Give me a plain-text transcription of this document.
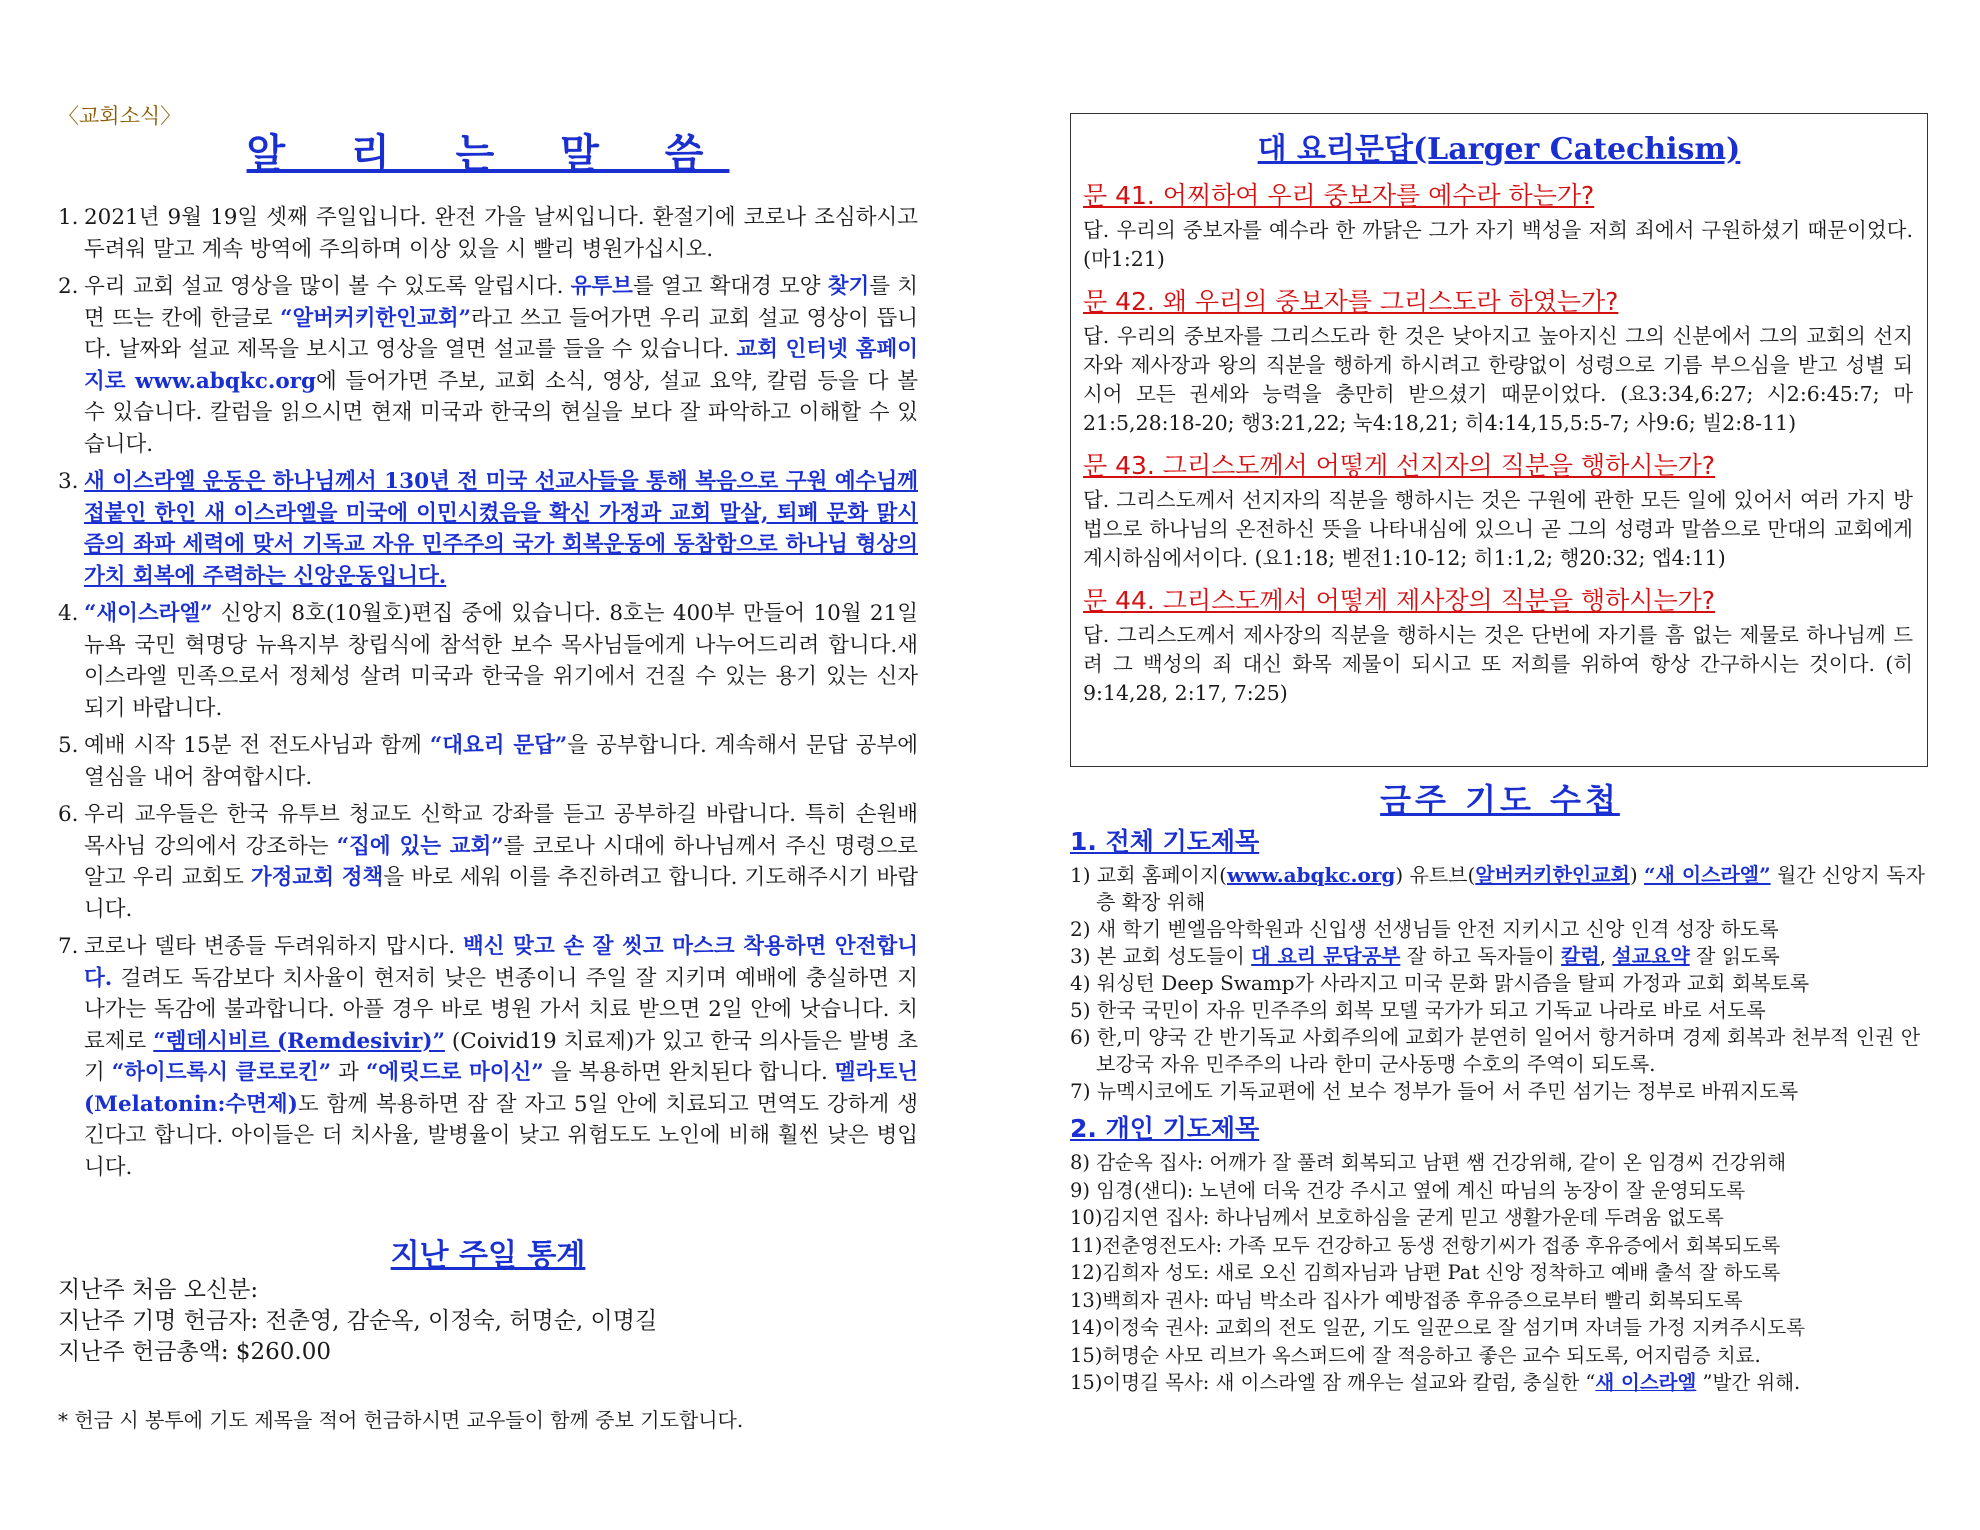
〈교회소식〉
알 리 는 말 씀
1. 2021년 9월 19일 셋째 주일입니다. 완전 가을 날씨입니다. 환절기에 코로나 조심하시고 두려워 말고 계속 방역에 주의하며 이상 있을 시 빨리 병원가십시오.
2. 우리 교회 설교 영상을 많이 볼 수 있도록 알립시다. 유투브를 열고 확대경 모양 찾기를 치면 뜨는 칸에 한글로 “알버커키한인교회”라고 쓰고 들어가면 우리 교회 설교 영상이 뜹니다. 날짜와 설교 제목을 보시고 영상을 열면 설교를 들을 수 있습니다. 교회 인터넷 홈페이지로 www.abqkc.org에 들어가면 주보, 교회 소식, 영상, 설교 요약, 칼럼 등을 다 볼 수 있습니다. 칼럼을 읽으시면 현재 미국과 한국의 현실을 보다 잘 파악하고 이해할 수 있습니다.
3. 새 이스라엘 운동은 하나님께서 130년 전 미국 선교사들을 통해 복음으로 구원 예수님께 접붙인 한인 새 이스라엘을 미국에 이민시켰음을 확신 가정과 교회 말살, 퇴폐 문화 맑시즘의 좌파 세력에 맞서 기독교 자유 민주주의 국가 회복운동에 동참함으로 하나님 형상의 가치 회복에 주력하는 신앙운동입니다.
4. “새이스라엘” 신앙지 8호(10월호)편집 중에 있습니다. 8호는 400부 만들어 10월 21일 뉴욕 국민 혁명당 뉴욕지부 창립식에 참석한 보수 목사님들에게 나누어드리려 합니다.새 이스라엘 민족으로서 정체성 살려 미국과 한국을 위기에서 건질 수 있는 용기 있는 신자 되기 바랍니다.
5. 예배 시작 15분 전 전도사님과 함께 “대요리 문답”을 공부합니다. 계속해서 문답 공부에 열심을 내어 참여합시다.
6. 우리 교우들은 한국 유투브 청교도 신학교 강좌를 듣고 공부하길 바랍니다. 특히 손원배 목사님 강의에서 강조하는 “집에 있는 교회”를 코로나 시대에 하나님께서 주신 명령으로 알고 우리 교회도 가정교회 정책을 바로 세워 이를 추진하려고 합니다. 기도해주시기 바랍니다.
7. 코로나 델타 변종들 두려워하지 맙시다. 백신 맞고 손 잘 씻고 마스크 착용하면 안전합니다. 걸려도 독감보다 치사율이 현저히 낮은 변종이니 주일 잘 지키며 예배에 충실하면 지나가는 독감에 불과합니다. 아플 경우 바로 병원 가서 치료 받으면 2일 안에 낫습니다. 치료제로 “렘데시비르 (Remdesivir)” (Coivid19 치료제)가 있고 한국 의사들은 발병 초기 “하이드록시 클로로킨” 과 “에릿드로 마이신” 을 복용하면 완치된다 합니다. 멜라토닌(Melatonin:수면제)도 함께 복용하면 잠 잘 자고 5일 안에 치료되고 면역도 강하게 생긴다고 합니다. 아이들은 더 치사율, 발병율이 낮고 위험도도 노인에 비해 훨씬 낮은 병입니다.
지난 주일 통계
지난주 처음 오신분:
지난주 기명 헌금자: 전춘영, 감순옥, 이정숙, 허명순, 이명길
지난주 헌금총액: $260.00
* 헌금 시 봉투에 기도 제목을 적어 헌금하시면 교우들이 함께 중보 기도합니다.
대 요리문답(Larger Catechism)
문 41. 어찌하여 우리 중보자를 예수라 하는가?
답. 우리의 중보자를 예수라 한 까닭은 그가 자기 백성을 저희 죄에서 구원하셨기 때문이었다. (마1:21)
문 42. 왜 우리의 중보자를 그리스도라 하였는가?
답. 우리의 중보자를 그리스도라 한 것은 낮아지고 높아지신 그의 신분에서 그의 교회의 선지자와 제사장과 왕의 직분을 행하게 하시려고 한량없이 성령으로 기름 부으심을 받고 성별 되시어 모든 권세와 능력을 충만히 받으셨기 때문이었다. (요3:34,6:27; 시2:6:45:7; 마21:5,28:18-20; 행3:21,22; 눅4:18,21; 히4:14,15,5:5-7; 사9:6; 빌2:8-11)
문 43. 그리스도께서 어떻게 선지자의 직분을 행하시는가?
답. 그리스도께서 선지자의 직분을 행하시는 것은 구원에 관한 모든 일에 있어서 여러 가지 방법으로 하나님의 온전하신 뜻을 나타내심에 있으니 곧 그의 성령과 말씀으로 만대의 교회에게 계시하심에서이다. (요1:18; 벧전1:10-12; 히1:1,2; 행20:32; 엡4:11)
문 44. 그리스도께서 어떻게 제사장의 직분을 행하시는가?
답. 그리스도께서 제사장의 직분을 행하시는 것은 단번에 자기를 흠 없는 제물로 하나님께 드려 그 백성의 죄 대신 화목 제물이 되시고 또 저희를 위하여 항상 간구하시는 것이다. (히9:14,28, 2:17, 7:25)
금주 기도 수첩
1. 전체 기도제목
1) 교회 홈페이지(www.abqkc.org) 유트브(알버커키한인교회) “새 이스라엘” 월간 신앙지 독자층 확장 위해
2) 새 학기 벧엘음악학원과 신입생 선생님들 안전 지키시고 신앙 인격 성장 하도록
3) 본 교회 성도들이 대 요리 문답공부 잘 하고 독자들이 칼럼, 설교요약 잘 읽도록
4) 워싱턴 Deep Swamp가 사라지고 미국 문화 맑시즘을 탈피 가정과 교회 회복토록
5) 한국 국민이 자유 민주주의 회복 모델 국가가 되고 기독교 나라로 바로 서도록
6) 한,미 양국 간 반기독교 사회주의에 교회가 분연히 일어서 항거하며 경제 회복과 천부적 인권 안보강국 자유 민주주의 나라 한미 군사동맹 수호의 주역이 되도록.
7) 뉴멕시코에도 기독교편에 선 보수 정부가 들어 서 주민 섬기는 정부로 바꿔지도록
2. 개인 기도제목
8) 감순옥 집사: 어깨가 잘 풀려 회복되고 남편 쌤 건강위해, 같이 온 임경씨 건강위해
9) 임경(샌디): 노년에 더욱 건강 주시고 옆에 계신 따님의 농장이 잘 운영되도록
10)김지연 집사: 하나님께서 보호하심을 굳게 믿고 생활가운데 두려움 없도록
11)전춘영전도사: 가족 모두 건강하고 동생 전항기씨가 접종 후유증에서 회복되도록
12)김희자 성도: 새로 오신 김희자님과 남편 Pat 신앙 정착하고 예배 출석 잘 하도록
13)백희자 권사: 따님 박소라 집사가 예방접종 후유증으로부터 빨리 회복되도록
14)이정숙 권사: 교회의 전도 일꾼, 기도 일꾼으로 잘 섬기며 자녀들 가정 지켜주시도록
15)허명순 사모 리브가 옥스퍼드에 잘 적응하고 좋은 교수 되도록, 어지럼증 치료.
15)이명길 목사: 새 이스라엘 잠 깨우는 설교와 칼럼, 충실한 “새 이스라엘 ”발간 위해.
